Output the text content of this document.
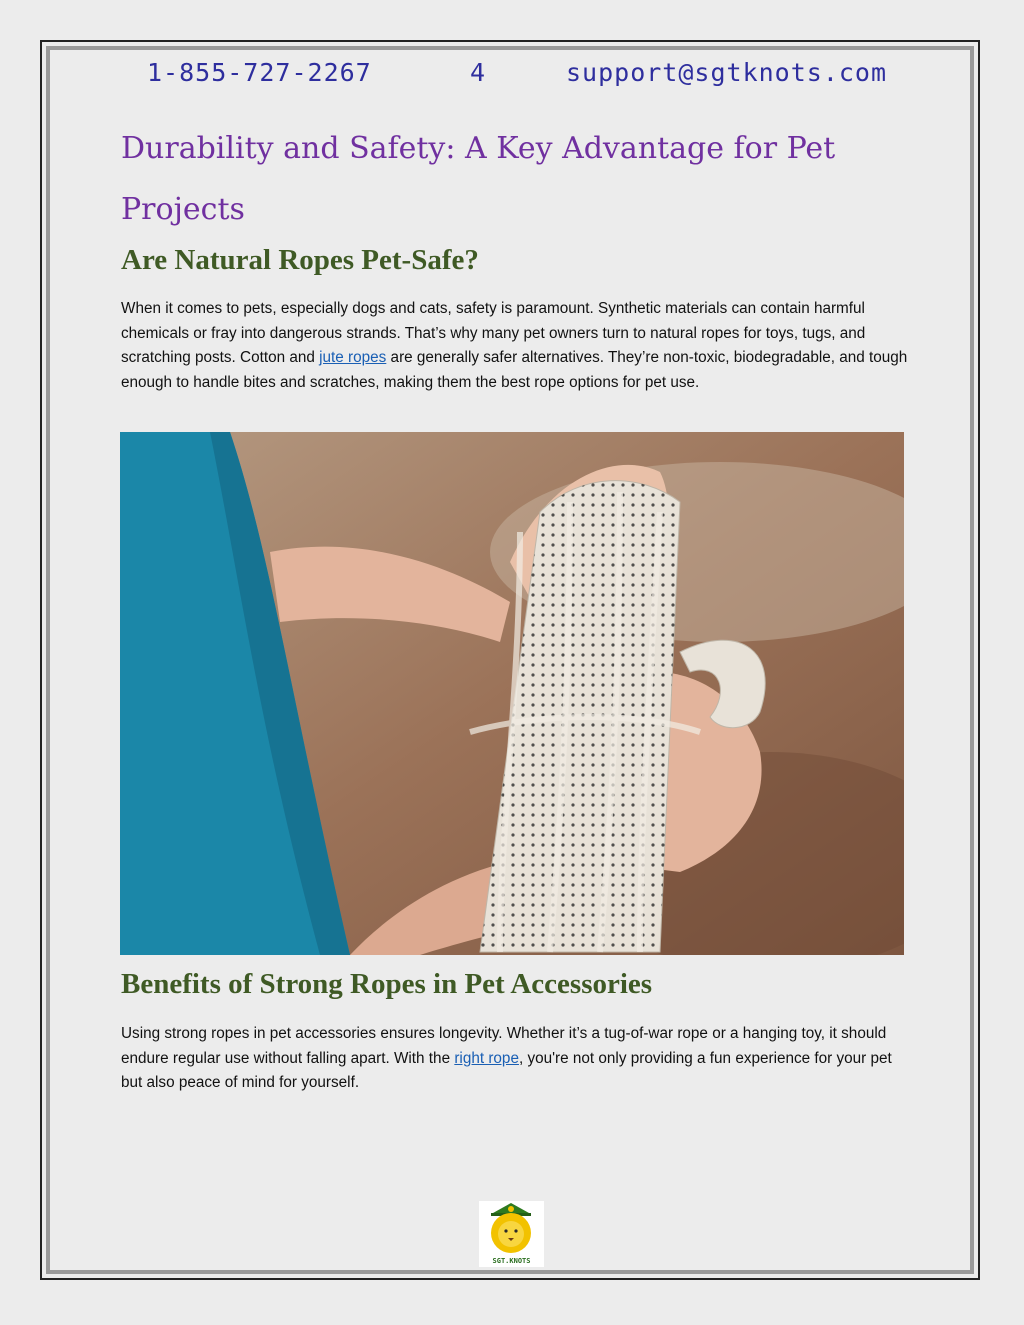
1-855-727-2267	4	support@sgtknots.com
Durability and Safety: A Key Advantage for Pet Projects
Are Natural Ropes Pet-Safe?

When it comes to pets, especially dogs and cats, safety is paramount. Synthetic materials can contain harmful chemicals or fray into dangerous strands. That’s why many pet owners turn to natural ropes for toys, tugs, and scratching posts. Cotton and jute ropes are generally safer alternatives. They’re non-toxic, biodegradable, and tough enough to handle bites and scratches, making them the best rope options for pet use.

Benefits of Strong Ropes in Pet Accessories

Using strong ropes in pet accessories ensures longevity. Whether it’s a tug-of-war rope or a hanging toy, it should endure regular use without falling apart. With the right rope, you're not only providing a fun experience for your pet but also peace of mind for yourself.

SGT.KNOTS
